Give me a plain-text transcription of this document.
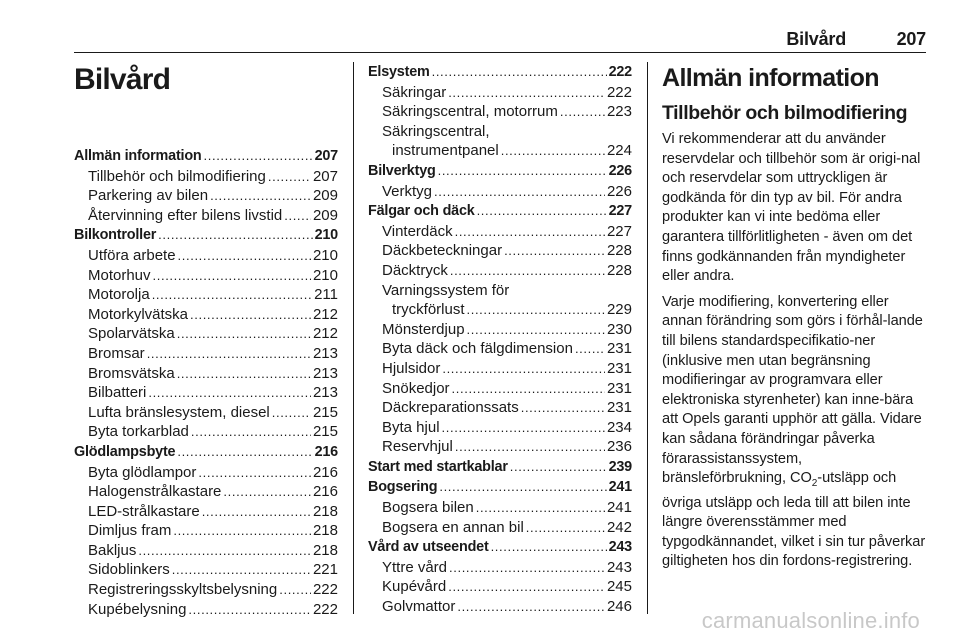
Bilvård	207
Bilvård
Allmän information . . .	207
Tillbehör och bilmodifiering . . .	207
Parkering av bilen . . .	209
Återvinning efter bilens livstid . . . 209
Bilkontroller . . .	210
Utföra arbete . . .	210
Motorhuv . . .	210
Motorolja . . .	211
Motorkylvätska . . .	212
Spolarvätska . . .	212
Bromsar . . .	213
Bromsvätska . . .	213
Bilbatteri . . .	213
Lufta bränslesystem, diesel . . .	215
Byta torkarblad . . .	215
Glödlampsbyte . . .	216
Byta glödlampor . . .	216
Halogenstrålkastare . . .	216
LED-strålkastare . . .	218
Dimljus fram . . .	218
Bakljus . . .	218
Sidoblinkers . . .	221
Registreringsskyltsbelysning . . . 222
Kupébelysning . . .	222
Elsystem . . .	222
Säkringar . . .	222
Säkringscentral, motorrum . . .	223
Säkringscentral,
instrumentpanel . . .	224
Bilverktyg . . .	226
Verktyg . . .	226
Fälgar och däck . . .	227
Vinterdäck . . .	227
Däckbeteckningar . . .	228
Däcktryck . . .	228
Varningssystem för
tryckförlust . . .	229
Mönsterdjup . . .	230
Byta däck och fälgdimension . . . 231
Hjulsidor . . .	231
Snökedjor . . .	231
Däckreparationssats . . .	231
Byta hjul . . .	234
Reservhjul . . .	236
Start med startkablar . . .	239
Bogsering . . .	241
Bogsera bilen . . .	241
Bogsera en annan bil . . .	242
Vård av utseendet . . .	243
Yttre vård . . .	243
Kupévård . . .	245
Golvmattor . . .	246
Allmän information
Tillbehör och bilmodifiering

Vi rekommenderar att du använder reservdelar och tillbehör som är origi-nal och reservdelar som uttryckligen är godkända för din typ av bil. För andra produkter kan vi inte bedöma eller garantera tillförlitligheten - även om det finns godkännanden från myndigheter eller andra.

Varje modifiering, konvertering eller annan förändring som görs i förhål-lande till bilens standardspecifikatio-ner (inklusive men utan begränsning modifieringar av programvara eller elektroniska styrenheter) kan inne-bära att Opels garanti upphör att gälla. Vidare kan sådana förändringar påverka förarassistanssystem, bränsleförbrukning, $CO_2$-utsläpp och övriga utsläpp och leda till att bilen inte längre överensstämmer med typgodkännandet, vilket i sin tur påverkar giltigheten hos din fordons-registrering.

carmanualsonline.info
